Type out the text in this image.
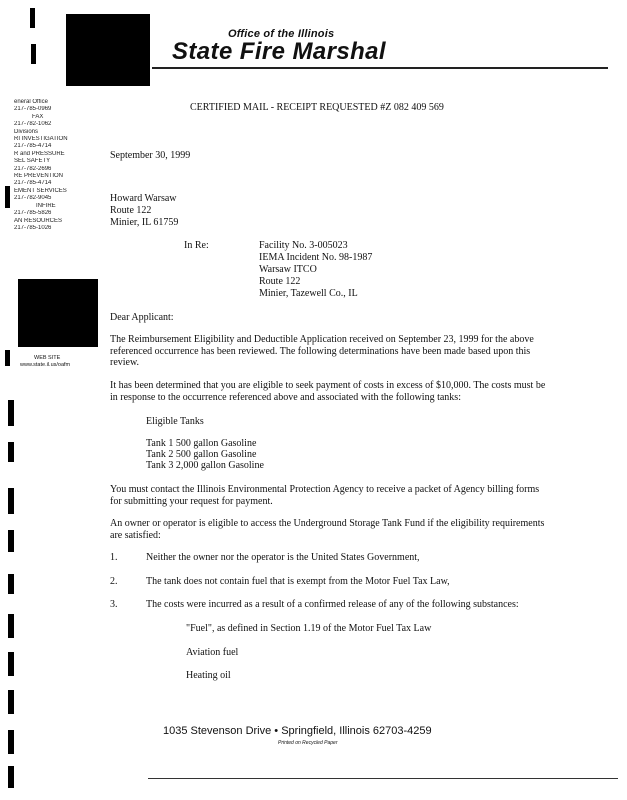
Office of the Illinois
State Fire Marshal
eneral Office
217-785-0969
FAX
217-782-1062
Divisions
RI INVESTIGATION
217-785-4714
R and PRESSURE
SEL SAFETY
217-782-2696
RE PREVENTION
217-785-4714
EMENT SERVICES
217-782-9045
INFIRE
217-785-5826
AN RESOURCES
217-785-1026
WEB SITE
www.state.il.us/oafm
CERTIFIED MAIL - RECEIPT REQUESTED #Z 082 409 569
September 30, 1999
Howard Warsaw
Route 122
Minier, IL 61759
In Re:	Facility No. 3-005023
IEMA Incident No. 98-1987
Warsaw ITCO
Route 122
Minier, Tazewell Co., IL
Dear Applicant:
The Reimbursement Eligibility and Deductible Application received on September 23, 1999 for the above referenced occurrence has been reviewed. The following determinations have been made based upon this review.
It has been determined that you are eligible to seek payment of costs in excess of $10,000. The costs must be in response to the occurrence referenced above and associated with the following tanks:
Eligible Tanks
Tank 1 500 gallon Gasoline
Tank 2 500 gallon Gasoline
Tank 3 2,000 gallon Gasoline
You must contact the Illinois Environmental Protection Agency to receive a packet of Agency billing forms for submitting your request for payment.
An owner or operator is eligible to access the Underground Storage Tank Fund if the eligibility requirements are satisfied:
1.	Neither the owner nor the operator is the United States Government,
2.	The tank does not contain fuel that is exempt from the Motor Fuel Tax Law,
3.	The costs were incurred as a result of a confirmed release of any of the following substances:
"Fuel", as defined in Section 1.19 of the Motor Fuel Tax Law
Aviation fuel
Heating oil
1035 Stevenson Drive • Springfield, Illinois 62703-4259
Printed on Recycled Paper
